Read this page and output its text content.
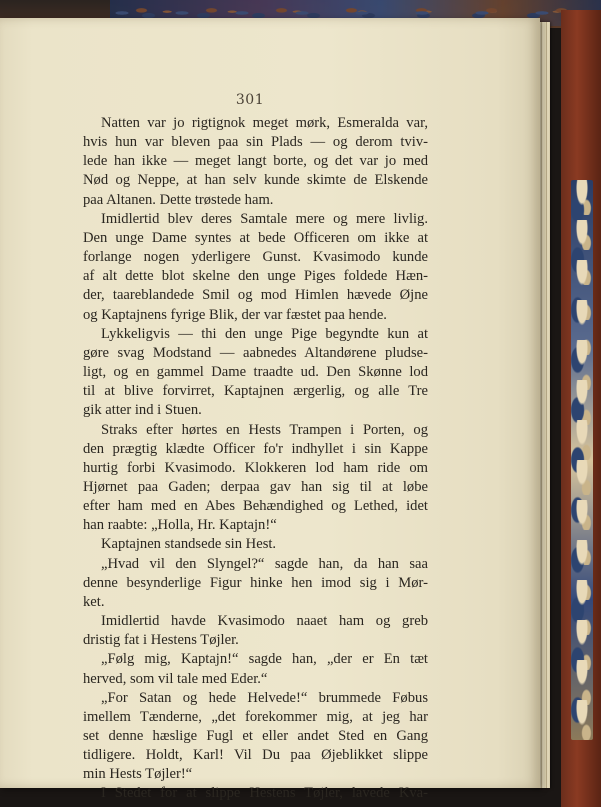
301
Natten var jo rigtignok meget mørk, Esmeralda var,
hvis hun var bleven paa sin Plads — og derom tviv-
lede han ikke — meget langt borte, og det var jo med
Nød og Neppe, at han selv kunde skimte de Elskende
paa Altanen. Dette trøstede ham.
Imidlertid blev deres Samtale mere og mere livlig.
Den unge Dame syntes at bede Officeren om ikke at
forlange nogen yderligere Gunst. Kvasimodo kunde
af alt dette blot skelne den unge Piges foldede Hæn-
der, taareblandede Smil og mod Himlen hævede Øjne
og Kaptajnens fyrige Blik, der var fæstet paa hende.
Lykkeligvis — thi den unge Pige begyndte kun at
gøre svag Modstand — aabnedes Altandørene pludse-
ligt, og en gammel Dame traadte ud. Den Skønne lod
til at blive forvirret, Kaptajnen ærgerlig, og alle Tre
gik atter ind i Stuen.
Straks efter hørtes en Hests Trampen i Porten, og
den prægtig klædte Officer fo'r indhyllet i sin Kappe
hurtig forbi Kvasimodo. Klokkeren lod ham ride om
Hjørnet paa Gaden; derpaa gav han sig til at løbe
efter ham med en Abes Behændighed og Lethed, idet
han raabte: „Holla, Hr. Kaptajn!“
Kaptajnen standsede sin Hest.
„Hvad vil den Slyngel?“ sagde han, da han saa
denne besynderlige Figur hinke hen imod sig i Mør-
ket.
Imidlertid havde Kvasimodo naaet ham og greb
dristig fat i Hestens Tøjler.
„Følg mig, Kaptajn!“ sagde han, „der er En tæt
herved, som vil tale med Eder.“
„For Satan og hede Helvede!“ brummede Føbus
imellem Tænderne, „det forekommer mig, at jeg har
set denne hæslige Fugl et eller andet Sted en Gang
tidligere. Holdt, Karl! Vil Du paa Øjeblikket slippe
min Hests Tøjler!“
I Stedet for at slippe Hestens Tøjler, lavede Kva-
